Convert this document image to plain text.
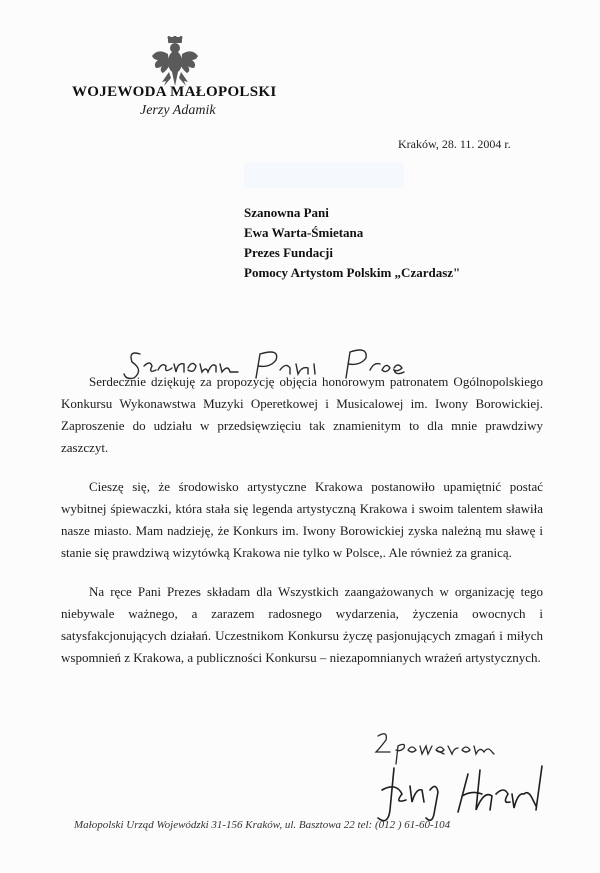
WOJEWODA MAŁOPOLSKI
Jerzy Adamik
Kraków, 28. 11. 2004 r.
Szanowna Pani
Ewa Warta-Śmietana
Prezes Fundacji
Pomocy Artystom Polskim „Czardasz"

Serdecznie dziękuję za propozycję objęcia honorowym patronatem Ogólnopolskiego Konkursu Wykonawstwa Muzyki Operetkowej i Musicalowej im. Iwony Borowickiej. Zaproszenie do udziału w przedsięwzięciu tak znamienitym to dla mnie prawdziwy zaszczyt.

Cieszę się, że środowisko artystyczne Krakowa postanowiło upamiętnić postać wybitnej śpiewaczki, która stała się legenda artystyczną Krakowa i swoim talentem sławiła nasze miasto. Mam nadzieję, że Konkurs im. Iwony Borowickiej zyska należną mu sławę i stanie się prawdziwą wizytówką Krakowa nie tylko w Polsce,. Ale również za granicą.

Na ręce Pani Prezes składam dla Wszystkich zaangażowanych w organizację tego niebywale ważnego, a zarazem radosnego wydarzenia, życzenia owocnych i satysfakcjonujących działań. Uczestnikom Konkursu życzę pasjonujących zmagań i miłych wspomnień z Krakowa, a publiczności Konkursu – niezapomnianych wrażeń artystycznych.

Małopolski Urząd Wojewódzki 31-156 Kraków, ul. Basztowa 22 tel: (012 ) 61-60-104
